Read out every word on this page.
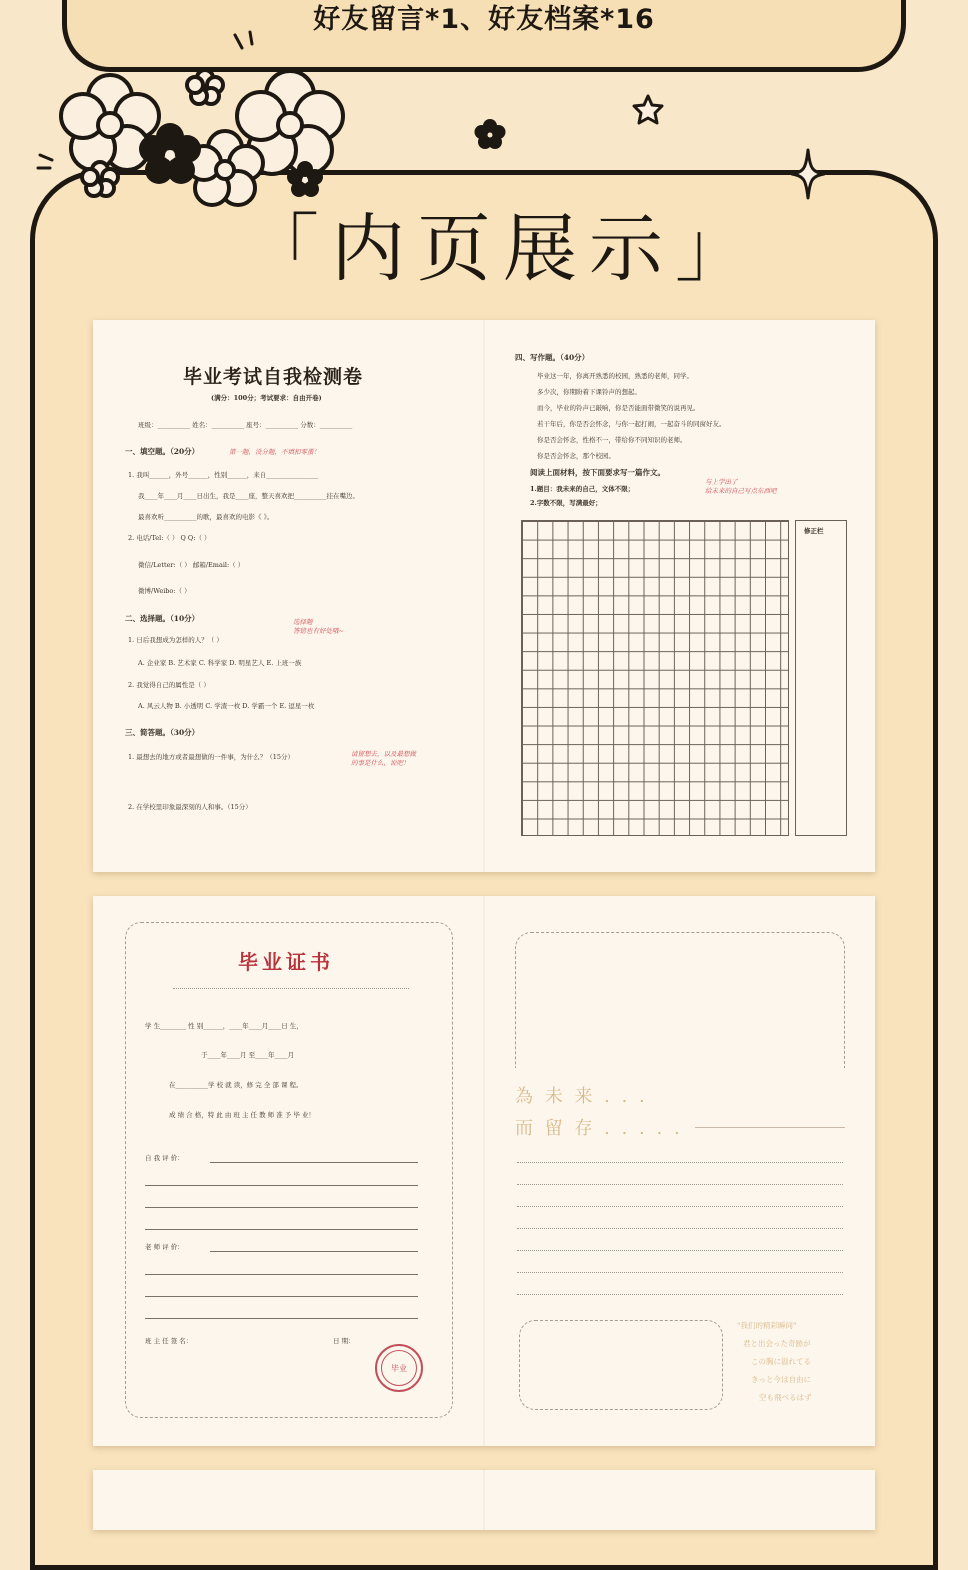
好友留言*1、好友档案*16
「内页展示」
毕业考试自我检测卷
(满分：100分；考试要求：自由开卷)
班级：__________ 姓名：__________ 座号：__________ 分数：__________
一、填空题。（20分）	第一题，没分题，不填扣零蛋！
1. 我叫______，外号______，性别______，来自________________
我____年____月____日出生，我是____座，整天喜欢把__________挂在嘴边。
最喜欢听__________的歌，最喜欢的电影《 》。
2. 电话/Tel:（ ） Q Q:（ ）
微信/Letter:（ ） 邮箱/Email:（ ）
微博/Weibo:（ ）
二、选择题。（10分）	选择题
答错也有好处哦~
1. 日后我想成为怎样的人？（ ）
A. 企业家 B. 艺术家 C. 科学家 D. 明星艺人 E. 上班一族
2. 我觉得自己的属性是（ ）
A. 风云人物 B. 小透明 C. 学渣一枚 D. 学霸一个 E. 逗星一枚
三、简答题。（30分）
1. 最想去的地方或者最想做的一件事，为什么？（15分）	请留想去，以及最想做
的事是什么，说吧！
2. 在学校里印象最深刻的人和事。（15分）
四、写作题。（40分）
毕业这一年，你离开熟悉的校园，熟悉的老师，同学。
多少次，你期盼着下课铃声的想起。
而今，毕业的铃声已敲响，你是否能面带微笑的说再见。
若干年后，你是否会怀念，与你一起打闹，一起奋斗的同窗好友。
你是否会怀念，性格不一，带给你不同知识的老师。
你是否会怀念，那个校园。
阅读上面材料，按下面要求写一篇作文。
1.题目：我未来的自己，文体不限；
2.字数不限，写满最好；
与上学出了
给未来的自己写点东西吧
修正栏
毕业证书
学 生________ 性 别______，____年____月____日 生，
于____年____月 至____年____月
在__________学 校 就 读，修 完 全 部 课 程。
成 绩 合 格，特 此 由 班 主 任 教 师 准 予 毕 业！
自 我 评 价：
老 师 评 价：
班 主 任 签 名：	日 期：
毕业
為 未 来 . . .
而 留 存 . . . . .
"我们的精彩瞬间"
君と出会った奇跡が
この胸に溢れてる
きっと今は自由に
空も飛べるはず
